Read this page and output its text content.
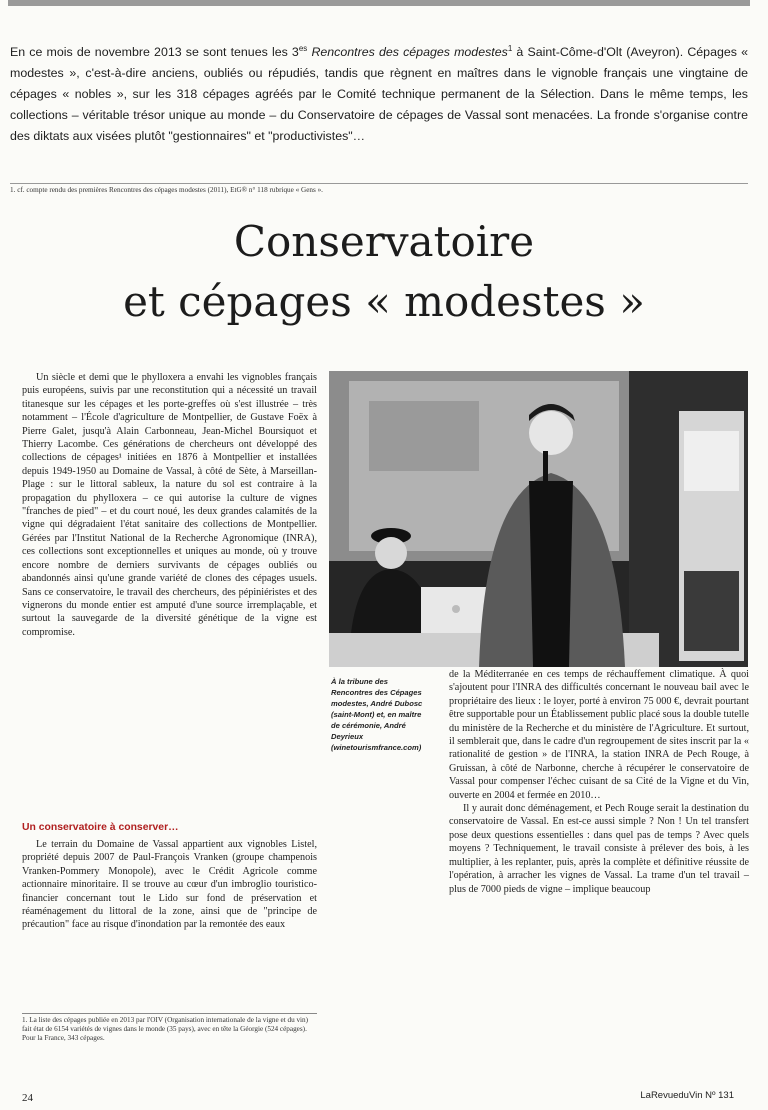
En ce mois de novembre 2013 se sont tenues les $3^{es}$ Rencontres des cépages modestes$^1$ à Saint-Côme-d'Olt (Aveyron). Cépages « modestes », c'est-à-dire anciens, oubliés ou répudiés, tandis que règnent en maîtres dans le vignoble français une vingtaine de cépages « nobles », sur les 318 cépages agréés par le Comité technique permanent de la Sélection. Dans le même temps, les collections – véritable trésor unique au monde – du Conservatoire de cépages de Vassal sont menacées. La fronde s'organise contre des diktats aux visées plutôt "gestionnaires" et "productivistes"…
1. cf. compte rendu des premières Rencontres des cépages modestes (2011), EtG® n° 118 rubrique « Gens ».
Conservatoire
et cépages « modestes »

Un siècle et demi que le phylloxera a envahi les vignobles français puis européens, suivis par une reconstitution qui a nécessité un travail titanesque sur les cépages et les porte-greffes où s'est illustrée – très notamment – l'École d'agriculture de Montpellier, de Gustave Foëx à Pierre Galet, jusqu'à Alain Carbonneau, Jean-Michel Boursiquot et Thierry Lacombe. Ces générations de chercheurs ont développé des collections de cépages¹ initiées en 1876 à Montpellier et installées depuis 1949-1950 au Domaine de Vassal, à côté de Sète, à Marseillan-Plage : sur le littoral sableux, la nature du sol est contraire à la propagation du phylloxera – ce qui autorise la culture de vignes "franches de pied" – et du court noué, les deux grandes calamités de la vigne qui dégradaient l'état sanitaire des collections de Montpellier. Gérées par l'Institut National de la Recherche Agronomique (INRA), ces collections sont exceptionnelles et uniques au monde, où y trouve encore nombre de derniers survivants de cépages oubliés ou abandonnés ainsi qu'une grande variété de clones des cépages usuels. Sans ce conservatoire, le travail des chercheurs, des pépiniéristes et des vignerons du monde entier est amputé d'une source irremplaçable, et surtout la sauvegarde de la diversité génétique de la vigne est compromise.

Un conservatoire à conserver…

Le terrain du Domaine de Vassal appartient aux vignobles Listel, propriété depuis 2007 de Paul-François Vranken (groupe champenois Vranken-Pommery Monopole), avec le Crédit Agricole comme actionnaire minoritaire. Il se trouve au cœur d'un imbroglio touristico-financier concernant tout le Lido sur fond de préservation et réaménagement du littoral de la zone, ainsi que de "principe de précaution" face au risque d'inondation par la remontée des eaux

1. La liste des cépages publiée en 2013 par l'OIV (Organisation internationale de la vigne et du vin) fait état de 6154 variétés de vignes dans le monde (35 pays), avec en tête la Géorgie (524 cépages). Pour la France, 343 cépages.
À la tribune des Rencontres des Cépages modestes, André Dubosc (saint-Mont) et, en maître de cérémonie, André Deyrieux (winetourismfrance.com)

de la Méditerranée en ces temps de réchauffement climatique. À quoi s'ajoutent pour l'INRA des difficultés concernant le nouveau bail avec le propriétaire des lieux : le loyer, porté à environ 75 000 €, devrait pourtant être supportable pour un Établissement public placé sous la double tutelle du ministère de la Recherche et du ministère de l'Agriculture. Et surtout, il semblerait que, dans le cadre d'un regroupement de sites inscrit par la « rationalité de gestion » de l'INRA, la station INRA de Pech Rouge, à Gruissan, à côté de Narbonne, cherche à récupérer le conservatoire de Vassal pour compenser l'échec cuisant de sa Cité de la Vigne et du Vin, ouverte en 2004 et fermée en 2010…

Il y aurait donc déménagement, et Pech Rouge serait la destination du conservatoire de Vassal. En est-ce aussi simple ? Non ! Un tel transfert pose deux questions essentielles : dans quel pas de temps ? Avec quels moyens ? Techniquement, le travail consiste à prélever des bois, à les multiplier, à les replanter, puis, après la complète et définitive réussite de l'opération, à arracher les vignes de Vassal. La trame d'un tel travail – plus de 7000 pieds de vigne – implique beaucoup

24	LaRevueduVin Nº 131
